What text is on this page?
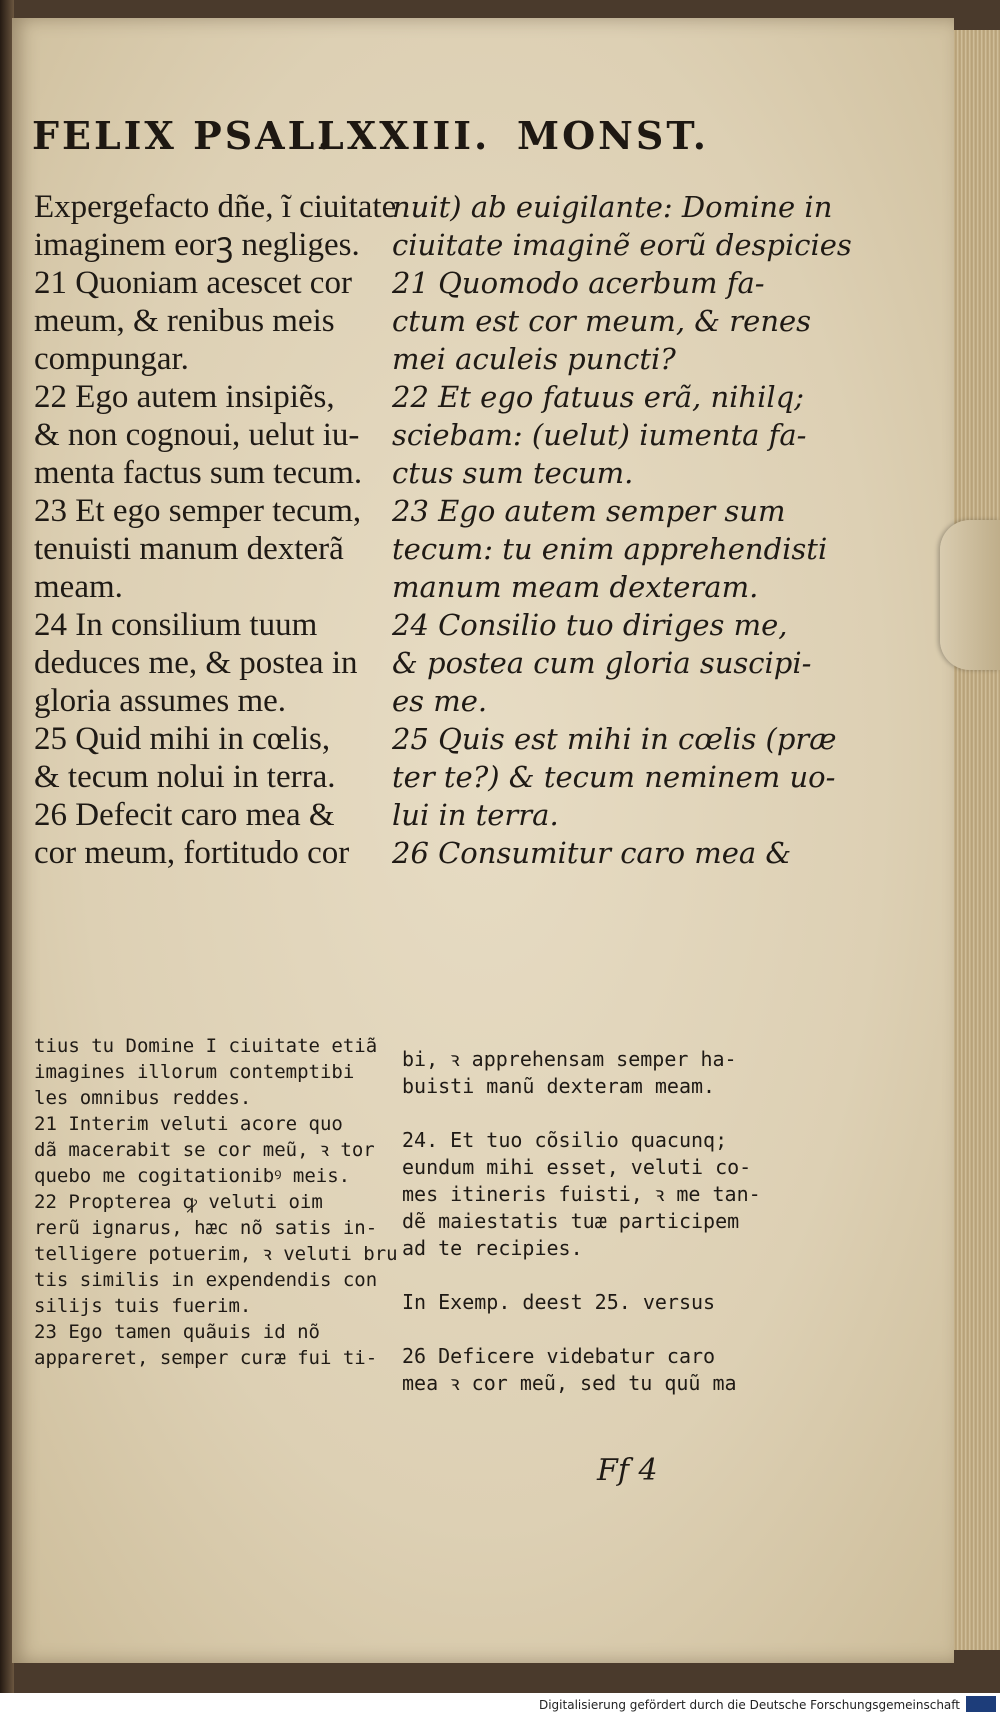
FELIX PSAL.
LXXIII. MONST.
Expergefacto dñe, ĩ ciuitate
imaginem eorꝫ negliges.
21 Quoniam acescet cor
meum, & renibus meis
compungar.
22 Ego autem insipiẽs,
& non cognoui, uelut iu-
menta factus sum tecum.
23 Et ego semper tecum,
tenuisti manum dexterã
meam.
24 In consilium tuum
deduces me, & postea in
gloria assumes me.
25 Quid mihi in cœlis,
& tecum nolui in terra.
26 Defecit caro mea &
cor meum, fortitudo cor
nuit) ab euigilante: Domine in
ciuitate imaginẽ eorũ despicies
21 Quomodo acerbum fa-
ctum est cor meum, & renes
mei aculeis puncti?
22 Et ego fatuus erã, nihilq;
sciebam: (uelut) iumenta fa-
ctus sum tecum.
23 Ego autem semper sum
tecum: tu enim apprehendisti
manum meam dexteram.
24 Consilio tuo diriges me,
& postea cum gloria suscipi-
es me.
25 Quis est mihi in cœlis (præ
ter te?) & tecum neminem uo-
lui in terra.
26 Consumitur caro mea &
tius tu Domine I ciuitate etiã
imagines illorum contemptibi
les omnibus reddes.
21 Interim veluti acore quo
dã macerabit se cor meũ, ꝛ tor
quebo me cogitationibꝰ meis.
22 Propterea ꝙ veluti oim
rerũ ignarus, hæc nõ satis in-
telligere potuerim, ꝛ veluti bru
tis similis in expendendis con
silijs tuis fuerim.
23 Ego tamen quãuis id nõ
appareret, semper curæ fui ti-
bi, ꝛ apprehensam semper ha-
buisti manũ dexteram meam.

24. Et tuo cõsilio quacunq;
eundum mihi esset, veluti co-
mes itineris fuisti, ꝛ me tan-
dẽ maiestatis tuæ participem
ad te recipies.

In Exemp. deest 25. versus

26 Deficere videbatur caro
mea ꝛ cor meũ, sed tu quũ ma
Ff 4
Digitalisierung gefördert durch die Deutsche Forschungsgemeinschaft
